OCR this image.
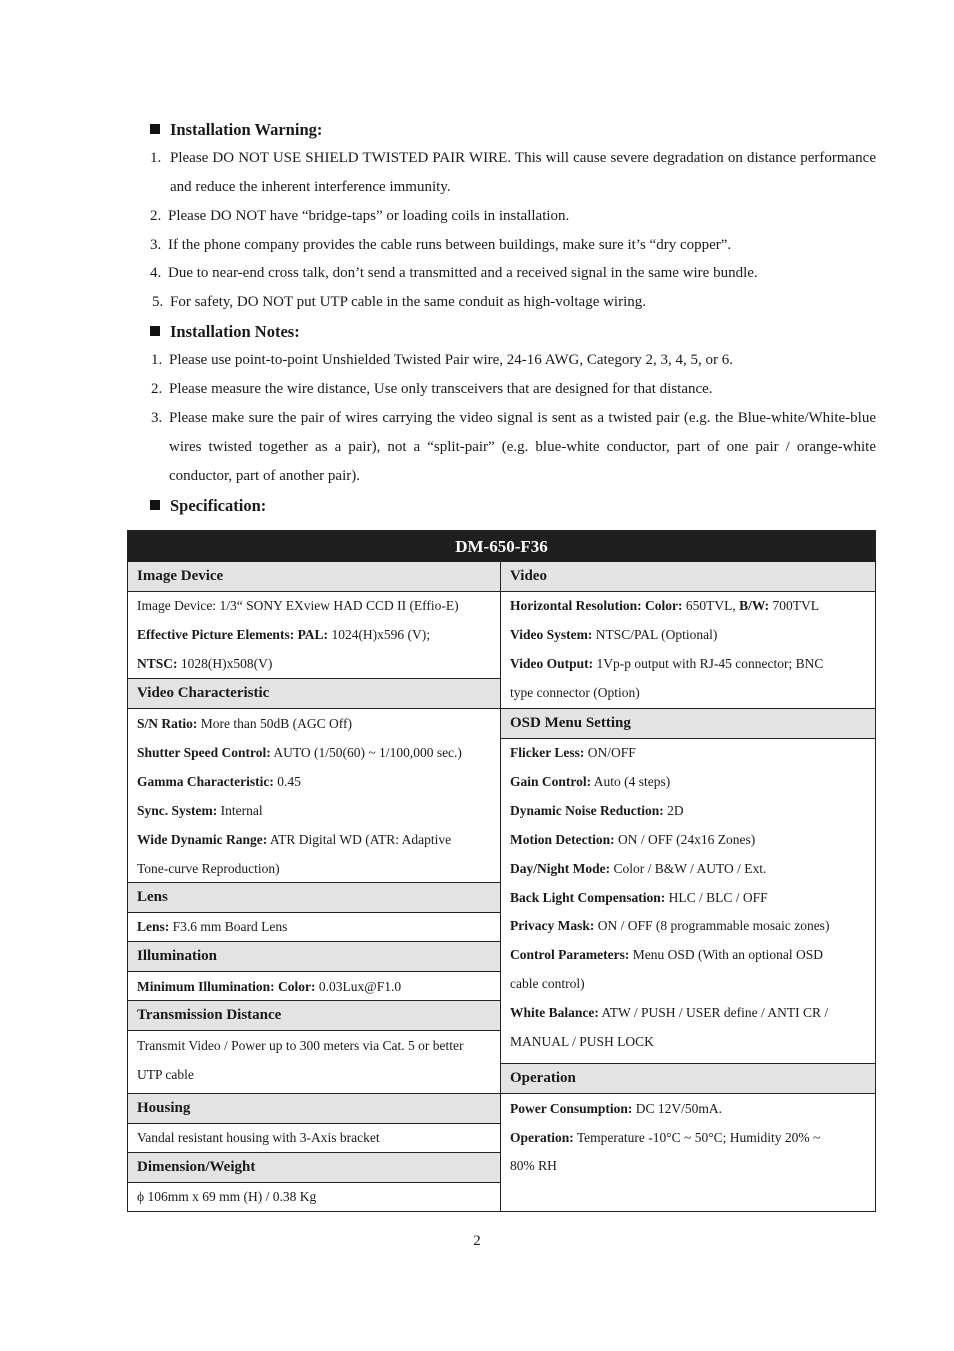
Installation Warning:
1. Please DO NOT USE SHIELD TWISTED PAIR WIRE. This will cause severe degradation on distance performance and reduce the inherent interference immunity.
2. Please DO NOT have “bridge-taps” or loading coils in installation.
3. If the phone company provides the cable runs between buildings, make sure it’s “dry copper”.
4. Due to near-end cross talk, don’t send a transmitted and a received signal in the same wire bundle.
5. For safety, DO NOT put UTP cable in the same conduit as high-voltage wiring.
Installation Notes:
1. Please use point-to-point Unshielded Twisted Pair wire, 24-16 AWG, Category 2, 3, 4, 5, or 6.
2. Please measure the wire distance, Use only transceivers that are designed for that distance.
3. Please make sure the pair of wires carrying the video signal is sent as a twisted pair (e.g. the Blue-white/White-blue wires twisted together as a pair), not a “split-pair” (e.g. blue-white conductor, part of one pair / orange-white conductor, part of another pair).
Specification:
DM-650-F36
Image Device
Image Device: 1/3“ SONY EXview HAD CCD II (Effio-E)
Effective Picture Elements: PAL: 1024(H)x596 (V);
NTSC: 1028(H)x508(V)
Video Characteristic
S/N Ratio: More than 50dB (AGC Off)
Shutter Speed Control: AUTO (1/50(60) ~ 1/100,000 sec.)
Gamma Characteristic: 0.45
Sync. System: Internal
Wide Dynamic Range: ATR Digital WD (ATR: Adaptive
Tone-curve Reproduction)
Lens
Lens: F3.6 mm Board Lens
Illumination
Minimum Illumination: Color: 0.03Lux@F1.0
Transmission Distance
Transmit Video / Power up to 300 meters via Cat. 5 or better
UTP cable
Housing
Vandal resistant housing with 3-Axis bracket
Dimension/Weight
ϕ 106mm x 69 mm (H) / 0.38 Kg
Video
Horizontal Resolution: Color: 650TVL, B/W: 700TVL
Video System: NTSC/PAL (Optional)
Video Output: 1Vp-p output with RJ-45 connector; BNC
type connector (Option)
OSD Menu Setting
Flicker Less: ON/OFF
Gain Control: Auto (4 steps)
Dynamic Noise Reduction: 2D
Motion Detection: ON / OFF (24x16 Zones)
Day/Night Mode: Color / B&W / AUTO / Ext.
Back Light Compensation: HLC / BLC / OFF
Privacy Mask: ON / OFF (8 programmable mosaic zones)
Control Parameters: Menu OSD (With an optional OSD
cable control)
White Balance: ATW / PUSH / USER define / ANTI CR /
MANUAL / PUSH LOCK
Operation
Power Consumption: DC 12V/50mA.
Operation: Temperature -10°C ~ 50°C; Humidity 20% ~
80% RH
2
